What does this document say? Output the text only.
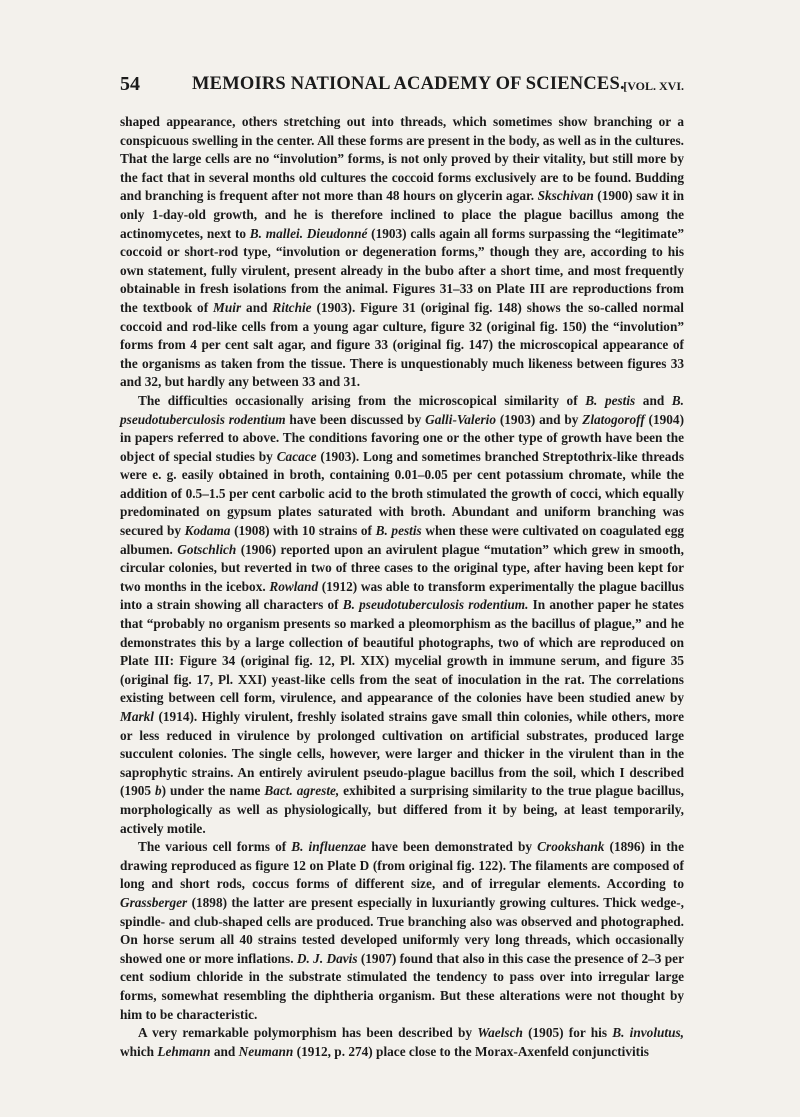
54	MEMOIRS NATIONAL ACADEMY OF SCIENCES.
[VOL. XVI.

shaped appearance, others stretching out into threads, which sometimes show branching or a conspicuous swelling in the center. All these forms are present in the body, as well as in the cultures. That the large cells are no “involution” forms, is not only proved by their vitality, but still more by the fact that in several months old cultures the coccoid forms exclusively are to be found. Budding and branching is frequent after not more than 48 hours on glycerin agar. Skschivan (1900) saw it in only 1-day-old growth, and he is therefore inclined to place the plague bacillus among the actinomycetes, next to B. mallei. Dieudonné (1903) calls again all forms surpassing the “legitimate” coccoid or short-rod type, “involution or degeneration forms,” though they are, according to his own statement, fully virulent, present already in the bubo after a short time, and most frequently obtainable in fresh isolations from the animal. Figures 31–33 on Plate III are reproductions from the textbook of Muir and Ritchie (1903). Figure 31 (original fig. 148) shows the so-called normal coccoid and rod-like cells from a young agar culture, figure 32 (original fig. 150) the “involution” forms from 4 per cent salt agar, and figure 33 (original fig. 147) the microscopical appearance of the organisms as taken from the tissue. There is unquestionably much likeness between figures 33 and 32, but hardly any between 33 and 31.

The difficulties occasionally arising from the microscopical similarity of B. pestis and B. pseudotuberculosis rodentium have been discussed by Galli-Valerio (1903) and by Zlatogoroff (1904) in papers referred to above. The conditions favoring one or the other type of growth have been the object of special studies by Cacace (1903). Long and sometimes branched Streptothrix-like threads were e. g. easily obtained in broth, containing 0.01–0.05 per cent potassium chromate, while the addition of 0.5–1.5 per cent carbolic acid to the broth stimulated the growth of cocci, which equally predominated on gypsum plates saturated with broth. Abundant and uniform branching was secured by Kodama (1908) with 10 strains of B. pestis when these were cultivated on coagulated egg albumen. Gotschlich (1906) reported upon an avirulent plague “mutation” which grew in smooth, circular colonies, but reverted in two of three cases to the original type, after having been kept for two months in the icebox. Rowland (1912) was able to transform experimentally the plague bacillus into a strain showing all characters of B. pseudotuberculosis rodentium. In another paper he states that “probably no organism presents so marked a pleomorphism as the bacillus of plague,” and he demonstrates this by a large collection of beautiful photographs, two of which are reproduced on Plate III: Figure 34 (original fig. 12, Pl. XIX) mycelial growth in immune serum, and figure 35 (original fig. 17, Pl. XXI) yeast-like cells from the seat of inoculation in the rat. The correlations existing between cell form, virulence, and appearance of the colonies have been studied anew by Markl (1914). Highly virulent, freshly isolated strains gave small thin colonies, while others, more or less reduced in virulence by prolonged cultivation on artificial substrates, produced large succulent colonies. The single cells, however, were larger and thicker in the virulent than in the saprophytic strains. An entirely avirulent pseudo-plague bacillus from the soil, which I described (1905 b) under the name Bact. agreste, exhibited a surprising similarity to the true plague bacillus, morphologically as well as physiologically, but differed from it by being, at least temporarily, actively motile.

The various cell forms of B. influenzae have been demonstrated by Crookshank (1896) in the drawing reproduced as figure 12 on Plate D (from original fig. 122). The filaments are composed of long and short rods, coccus forms of different size, and of irregular elements. According to Grassberger (1898) the latter are present especially in luxuriantly growing cultures. Thick wedge-, spindle- and club-shaped cells are produced. True branching also was observed and photographed. On horse serum all 40 strains tested developed uniformly very long threads, which occasionally showed one or more inflations. D. J. Davis (1907) found that also in this case the presence of 2–3 per cent sodium chloride in the substrate stimulated the tendency to pass over into irregular large forms, somewhat resembling the diphtheria organism. But these alterations were not thought by him to be characteristic.

A very remarkable polymorphism has been described by Waelsch (1905) for his B. involutus, which Lehmann and Neumann (1912, p. 274) place close to the Morax-Axenfeld conjunctivitis
